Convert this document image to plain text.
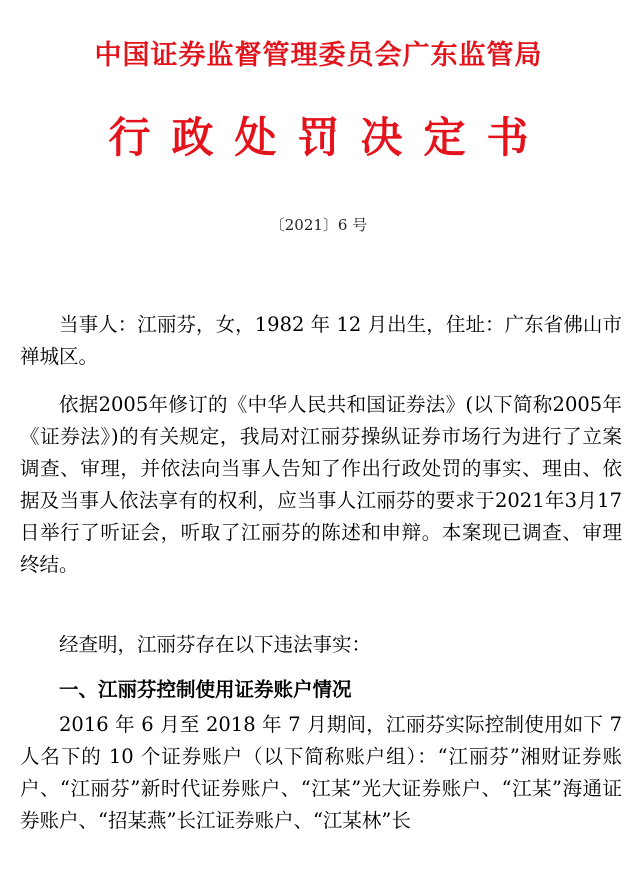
中国证券监督管理委员会广东监管局
行政处罚决定书
〔2021〕6 号

当事人：江丽芬，女，1982 年 12 月出生，住址：广东省佛山市禅城区。

依据2005年修订的《中华人民共和国证券法》(以下简称2005年《证券法》)的有关规定，我局对江丽芬操纵证券市场行为进行了立案调查、审理，并依法向当事人告知了作出行政处罚的事实、理由、依据及当事人依法享有的权利，应当事人江丽芬的要求于2021年3月17日举行了听证会，听取了江丽芬的陈述和申辩。本案现已调查、审理终结。

经查明，江丽芬存在以下违法事实：

一、江丽芬控制使用证券账户情况

2016 年 6 月至 2018 年 7 月期间，江丽芬实际控制使用如下 7 人名下的 10 个证券账户（以下简称账户组）：“江丽芬”湘财证券账户、“江丽芬”新时代证券账户、“江某”光大证券账户、“江某”海通证券账户、“招某燕”长江证券账户、“江某林”长
